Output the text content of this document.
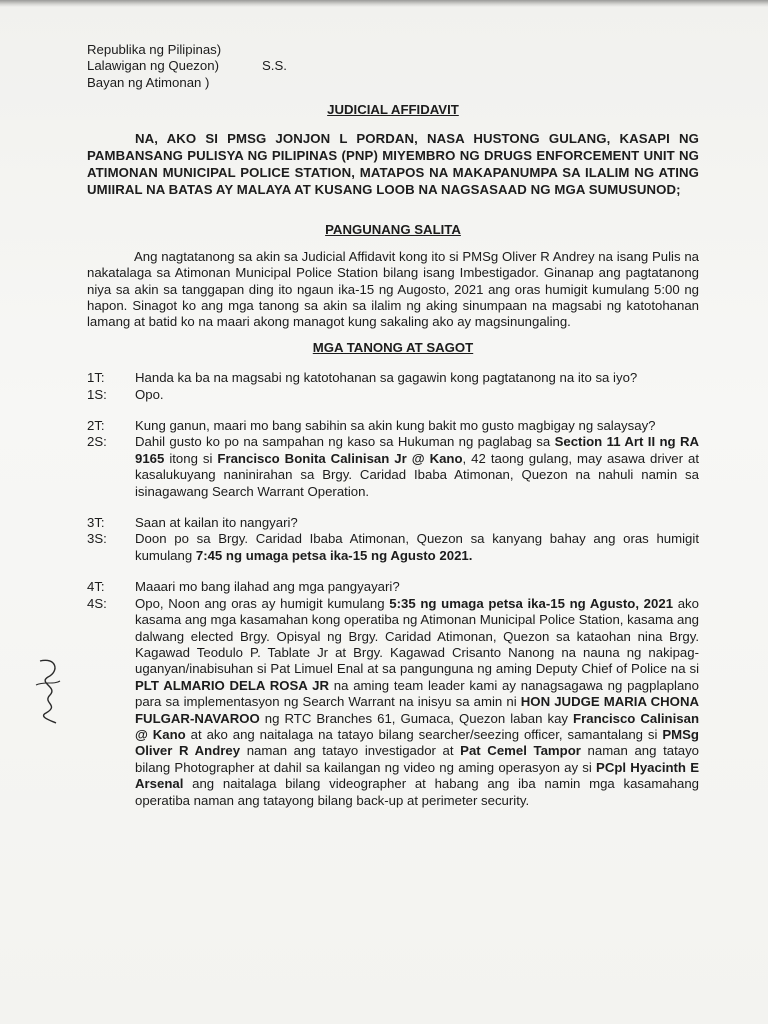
Republika ng Pilipinas)
Lalawigan ng Quezon)	S.S.
Bayan ng Atimonan )

JUDICIAL AFFIDAVIT

NA, AKO SI PMSG JONJON L PORDAN, NASA HUSTONG GULANG, KASAPI NG PAMBANSANG PULISYA NG PILIPINAS (PNP) MIYEMBRO NG DRUGS ENFORCEMENT UNIT NG ATIMONAN MUNICIPAL POLICE STATION, MATAPOS NA MAKAPANUMPA SA ILALIM NG ATING UMIIRAL NA BATAS AY MALAYA AT KUSANG LOOB NA NAGSASAAD NG MGA SUMUSUNOD;

PANGUNANG SALITA

Ang nagtatanong sa akin sa Judicial Affidavit kong ito si PMSg Oliver R Andrey na isang Pulis na nakatalaga sa Atimonan Municipal Police Station bilang isang Imbestigador. Ginanap ang pagtatanong niya sa akin sa tanggapan ding ito ngaun ika-15 ng Augosto, 2021 ang oras humigit kumulang 5:00 ng hapon. Sinagot ko ang mga tanong sa akin sa ilalim ng aking sinumpaan na magsabi ng katotohanan lamang at batid ko na maari akong managot kung sakaling ako ay magsinungaling.

MGA TANONG AT SAGOT

1T:	Handa ka ba na magsabi ng katotohanan sa gagawin kong pagtatanong na ito sa iyo?
1S:	Opo.
2T:	Kung ganun, maari mo bang sabihin sa akin kung bakit mo gusto magbigay ng salaysay?
2S:	Dahil gusto ko po na sampahan ng kaso sa Hukuman ng paglabag sa Section 11 Art II ng RA 9165 itong si Francisco Bonita Calinisan Jr @ Kano, 42 taong gulang, may asawa driver at kasalukuyang naninirahan sa Brgy. Caridad Ibaba Atimonan, Quezon na nahuli namin sa isinagawang Search Warrant Operation.
3T:	Saan at kailan ito nangyari?
3S:	Doon po sa Brgy. Caridad Ibaba Atimonan, Quezon sa kanyang bahay ang oras humigit kumulang 7:45 ng umaga petsa ika-15 ng Agusto 2021.
4T:	Maaari mo bang ilahad ang mga pangyayari?
4S:	Opo, Noon ang oras ay humigit kumulang 5:35 ng umaga petsa ika-15 ng Agusto, 2021 ako kasama ang mga kasamahan kong operatiba ng Atimonan Municipal Police Station, kasama ang dalwang elected Brgy. Opisyal ng Brgy. Caridad Atimonan, Quezon sa kataohan nina Brgy. Kagawad Teodulo P. Tablate Jr at Brgy. Kagawad Crisanto Nanong na nauna ng nakipag-uganyan/inabisuhan si Pat Limuel Enal at sa pangunguna ng aming Deputy Chief of Police na si PLT ALMARIO DELA ROSA JR na aming team leader kami ay nanagsagawa ng pagplaplano para sa implementasyon ng Search Warrant na inisyu sa amin ni HON JUDGE MARIA CHONA FULGAR-NAVAROO ng RTC Branches 61, Gumaca, Quezon laban kay Francisco Calinisan @ Kano at ako ang naitalaga na tatayo bilang searcher/seezing officer, samantalang si PMSg Oliver R Andrey naman ang tatayo investigador at Pat Cemel Tampor naman ang tatayo bilang Photographer at dahil sa kailangan ng video ng aming operasyon ay si PCpl Hyacinth E Arsenal ang naitalaga bilang videographer at habang ang iba namin mga kasamahang operatiba naman ang tatayong bilang back-up at perimeter security.
